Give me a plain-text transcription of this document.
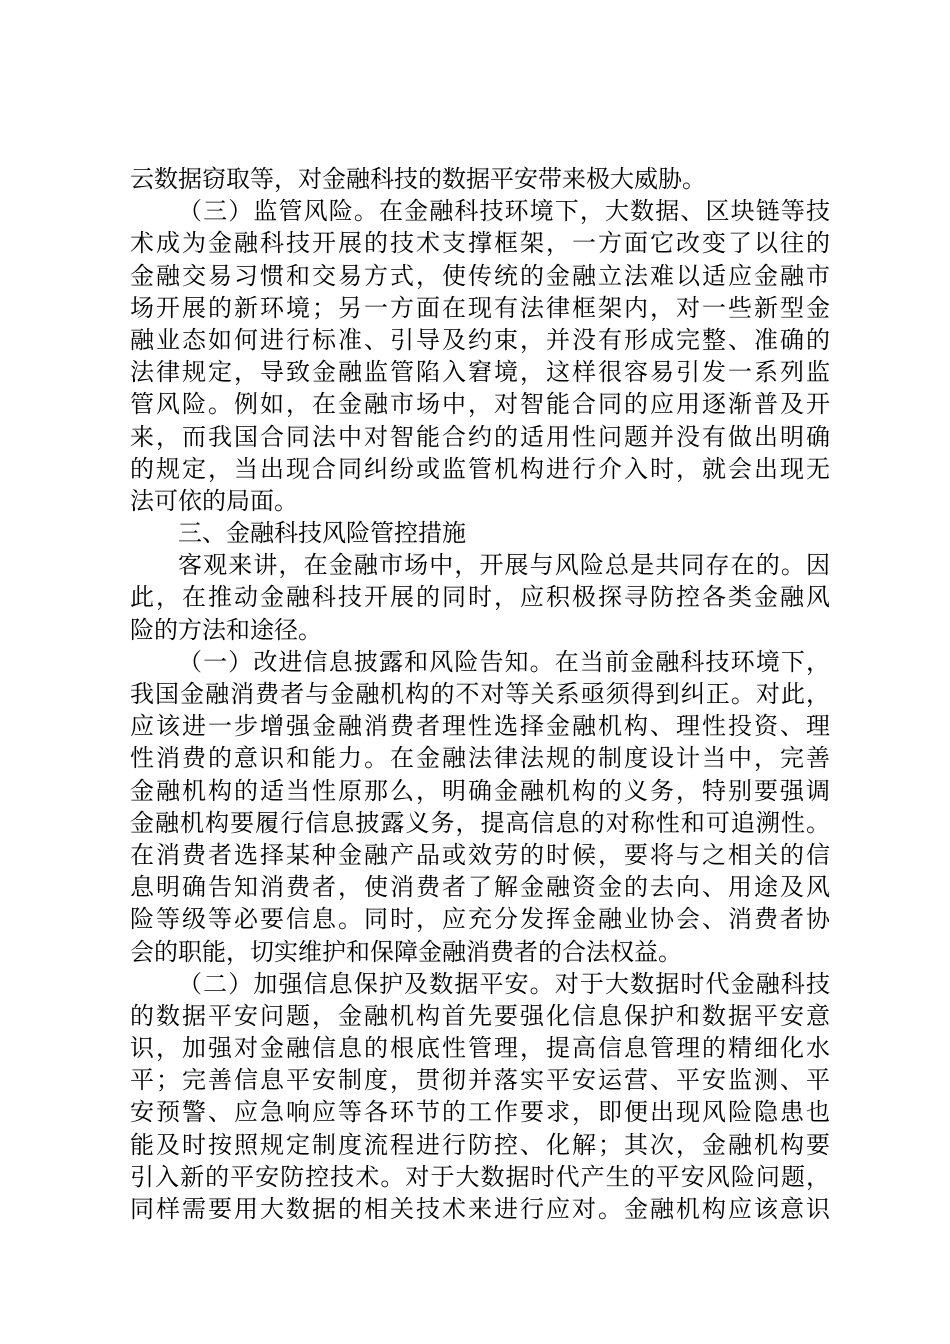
云数据窃取等，对金融科技的数据平安带来极大威胁。
（三）监管风险。在金融科技环境下，大数据、区块链等技
术成为金融科技开展的技术支撑框架，一方面它改变了以往的
金融交易习惯和交易方式，使传统的金融立法难以适应金融市
场开展的新环境；另一方面在现有法律框架内，对一些新型金
融业态如何进行标准、引导及约束，并没有形成完整、准确的
法律规定，导致金融监管陷入窘境，这样很容易引发一系列监
管风险。例如，在金融市场中，对智能合同的应用逐渐普及开
来，而我国合同法中对智能合约的适用性问题并没有做出明确
的规定，当出现合同纠纷或监管机构进行介入时，就会出现无
法可依的局面。
三、金融科技风险管控措施
客观来讲，在金融市场中，开展与风险总是共同存在的。因
此，在推动金融科技开展的同时，应积极探寻防控各类金融风
险的方法和途径。
（一）改进信息披露和风险告知。在当前金融科技环境下，
我国金融消费者与金融机构的不对等关系亟须得到纠正。对此，
应该进一步增强金融消费者理性选择金融机构、理性投资、理
性消费的意识和能力。在金融法律法规的制度设计当中，完善
金融机构的适当性原那么，明确金融机构的义务，特别要强调
金融机构要履行信息披露义务，提高信息的对称性和可追溯性。
在消费者选择某种金融产品或效劳的时候，要将与之相关的信
息明确告知消费者，使消费者了解金融资金的去向、用途及风
险等级等必要信息。同时，应充分发挥金融业协会、消费者协
会的职能，切实维护和保障金融消费者的合法权益。
（二）加强信息保护及数据平安。对于大数据时代金融科技
的数据平安问题，金融机构首先要强化信息保护和数据平安意
识，加强对金融信息的根底性管理，提高信息管理的精细化水
平；完善信息平安制度，贯彻并落实平安运营、平安监测、平
安预警、应急响应等各环节的工作要求，即便出现风险隐患也
能及时按照规定制度流程进行防控、化解；其次，金融机构要
引入新的平安防控技术。对于大数据时代产生的平安风险问题，
同样需要用大数据的相关技术来进行应对。金融机构应该意识
